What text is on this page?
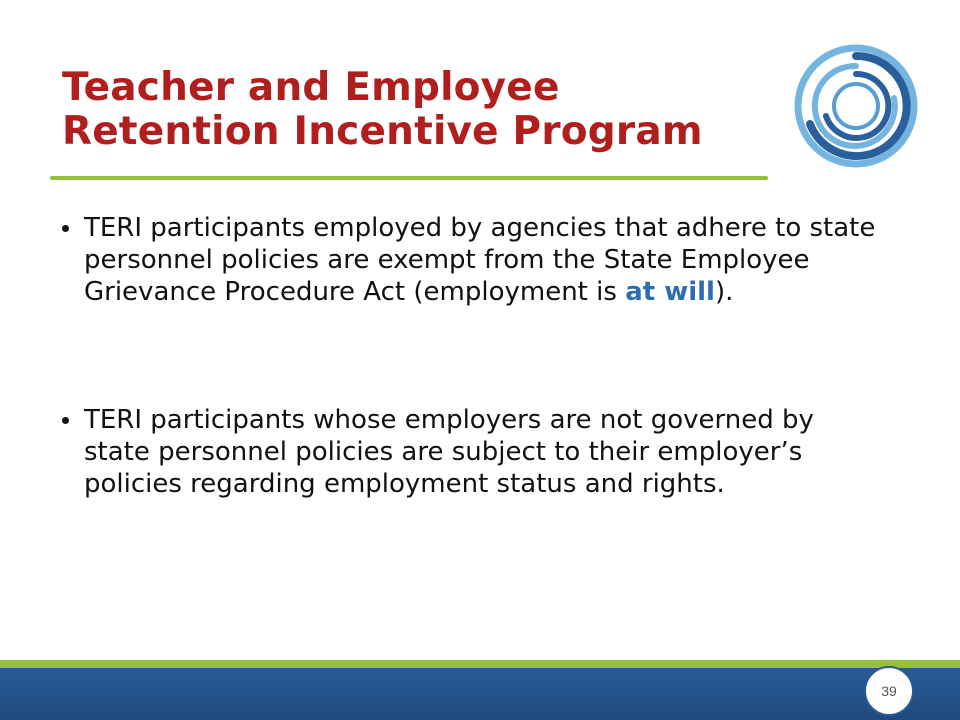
Teacher and Employee
Retention Incentive Program
TERI participants employed by agencies that adhere to state personnel policies are exempt from the State Employee Grievance Procedure Act (employment is at will).
TERI participants whose employers are not governed by state personnel policies are subject to their employer’s policies regarding employment status and rights.
39
